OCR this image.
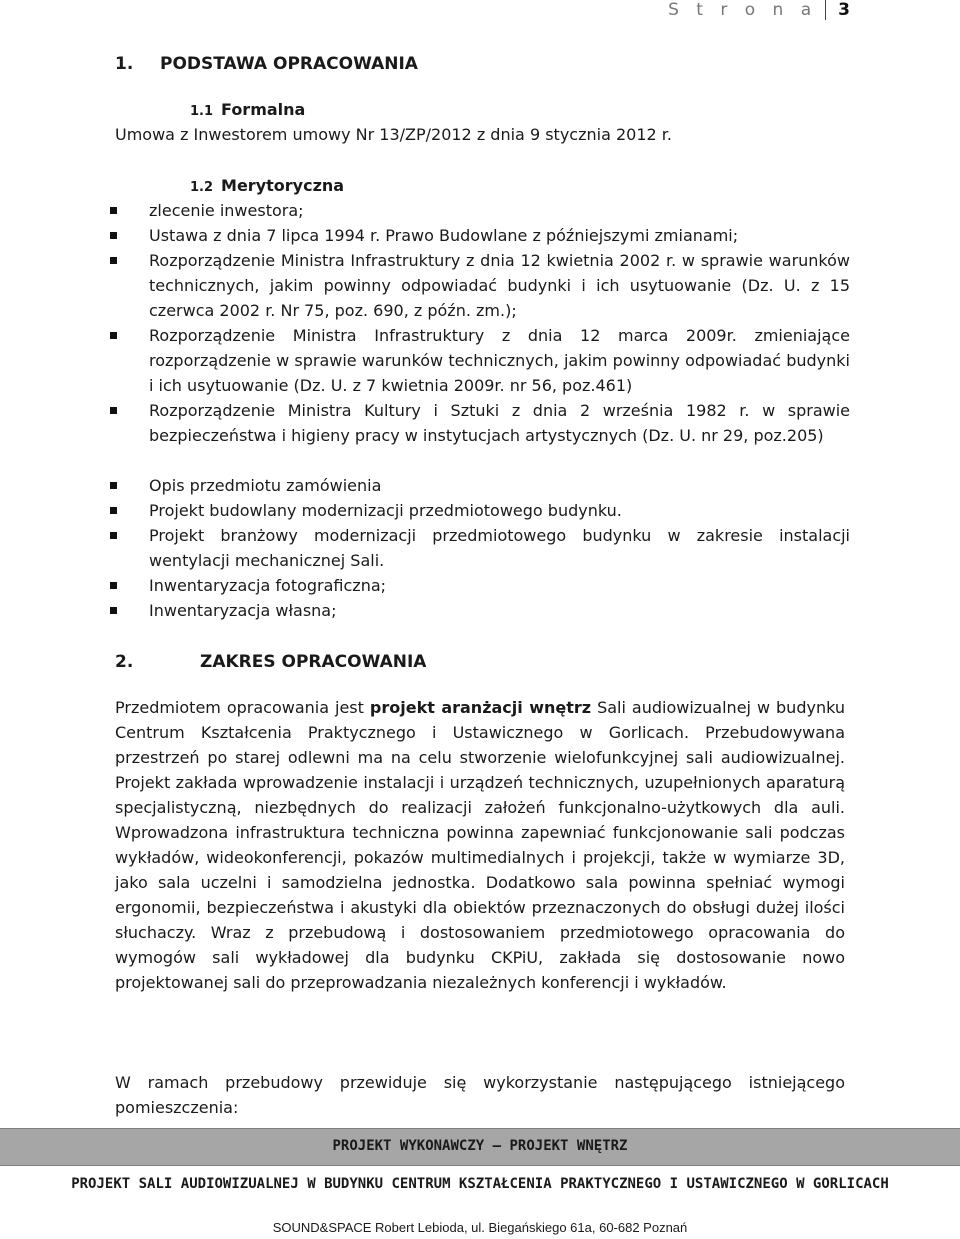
S t r o n a 3
1. PODSTAWA OPRACOWANIA
1.1 Formalna
Umowa z Inwestorem umowy Nr 13/ZP/2012 z dnia 9 stycznia 2012 r.
1.2 Merytoryczna
zlecenie inwestora;
Ustawa z dnia 7 lipca 1994 r. Prawo Budowlane z późniejszymi zmianami;
Rozporządzenie Ministra Infrastruktury z dnia 12 kwietnia 2002 r. w sprawie warunków technicznych, jakim powinny odpowiadać budynki i ich usytuowanie (Dz. U. z 15 czerwca 2002 r. Nr 75, poz. 690, z późn. zm.);
Rozporządzenie Ministra Infrastruktury z dnia 12 marca 2009r. zmieniające rozporządzenie w sprawie warunków technicznych, jakim powinny odpowiadać budynki i ich usytuowanie (Dz. U. z 7 kwietnia 2009r. nr 56, poz.461)
Rozporządzenie Ministra Kultury i Sztuki z dnia 2 września 1982 r. w sprawie bezpieczeństwa i higieny pracy w instytucjach artystycznych (Dz. U. nr 29, poz.205)
Opis przedmiotu zamówienia
Projekt budowlany modernizacji przedmiotowego budynku.
Projekt branżowy modernizacji przedmiotowego budynku w zakresie instalacji wentylacji mechanicznej Sali.
Inwentaryzacja fotograficzna;
Inwentaryzacja własna;
2.	ZAKRES OPRACOWANIA
Przedmiotem opracowania jest projekt aranżacji wnętrz Sali audiowizualnej w budynku Centrum Kształcenia Praktycznego i Ustawicznego w Gorlicach. Przebudowywana przestrzeń po starej odlewni ma na celu stworzenie wielofunkcyjnej sali audiowizualnej. Projekt zakłada wprowadzenie instalacji i urządzeń technicznych, uzupełnionych aparaturą specjalistyczną, niezbędnych do realizacji założeń funkcjonalno-użytkowych dla auli. Wprowadzona infrastruktura techniczna powinna zapewniać funkcjonowanie sali podczas wykładów, wideokonferencji, pokazów multimedialnych i projekcji, także w wymiarze 3D, jako sala uczelni i samodzielna jednostka. Dodatkowo sala powinna spełniać wymogi ergonomii, bezpieczeństwa i akustyki dla obiektów przeznaczonych do obsługi dużej ilości słuchaczy. Wraz z przebudową i dostosowaniem przedmiotowego opracowania do wymogów sali wykładowej dla budynku CKPiU, zakłada się dostosowanie nowo projektowanej sali do przeprowadzania niezależnych konferencji i wykładów.
W ramach przebudowy przewiduje się wykorzystanie następującego istniejącego pomieszczenia:
PROJEKT WYKONAWCZY – PROJEKT WNĘTRZ
PROJEKT SALI AUDIOWIZUALNEJ W BUDYNKU CENTRUM KSZTAŁCENIA PRAKTYCZNEGO I USTAWICZNEGO W GORLICACH
SOUND&SPACE Robert Lebioda, ul. Biegańskiego 61a, 60-682 Poznań
